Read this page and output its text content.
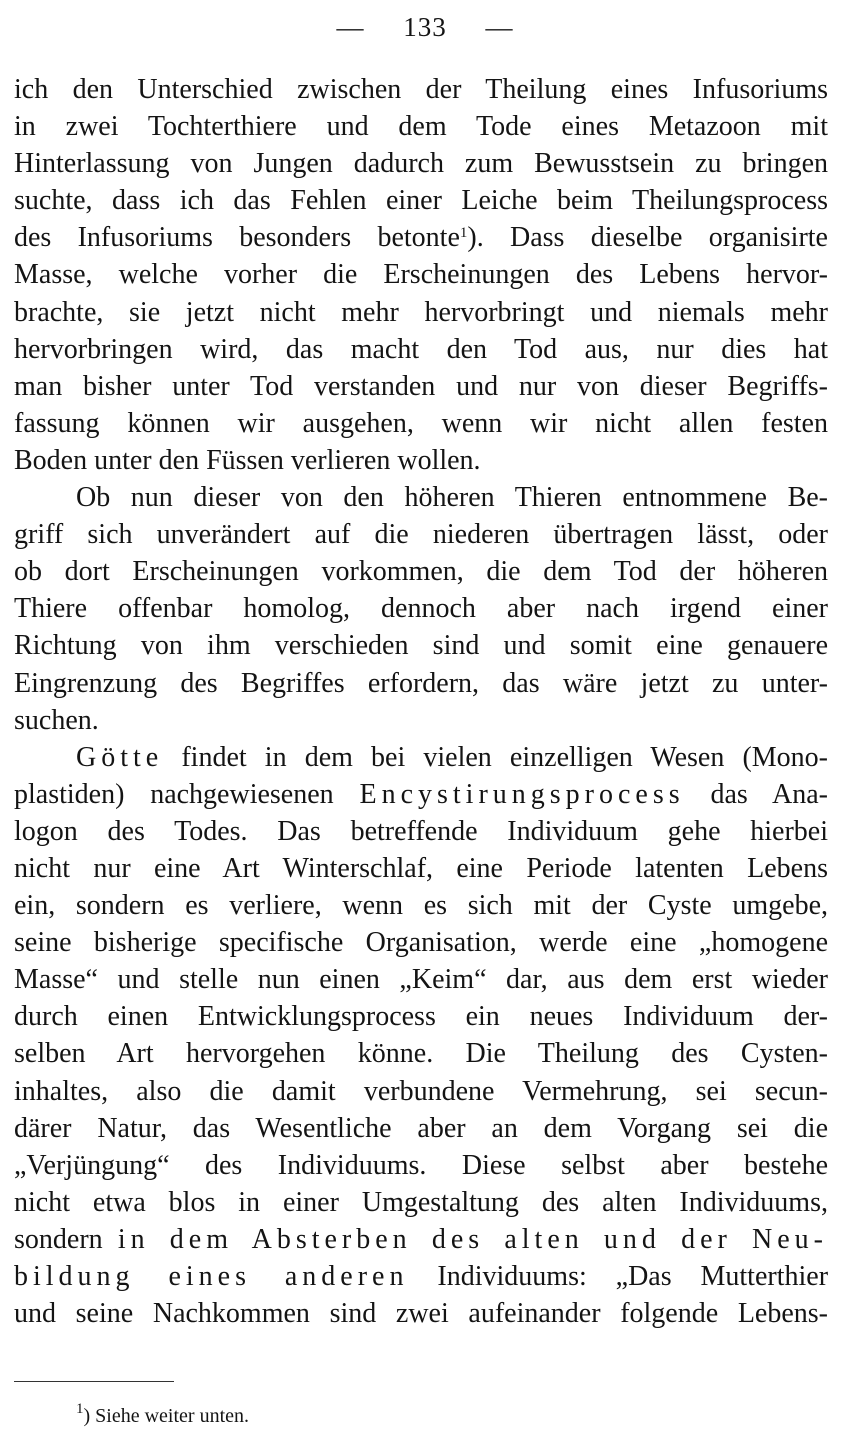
— 133 —
ich den Unterschied zwischen der Theilung eines Infusoriums
in zwei Tochterthiere und dem Tode eines Metazoon mit
Hinterlassung von Jungen dadurch zum Bewusstsein zu bringen
suchte, dass ich das Fehlen einer Leiche beim Theilungsprocess
des Infusoriums besonders betonte$^1$). Dass dieselbe organisirte
Masse, welche vorher die Erscheinungen des Lebens hervor-
brachte, sie jetzt nicht mehr hervorbringt und niemals mehr
hervorbringen wird, das macht den Tod aus, nur dies hat
man bisher unter Tod verstanden und nur von dieser Begriffs-
fassung können wir ausgehen, wenn wir nicht allen festen
Boden unter den Füssen verlieren wollen.
Ob nun dieser von den höheren Thieren entnommene Be-
griff sich unverändert auf die niederen übertragen lässt, oder
ob dort Erscheinungen vorkommen, die dem Tod der höheren
Thiere offenbar homolog, dennoch aber nach irgend einer
Richtung von ihm verschieden sind und somit eine genauere
Eingrenzung des Begriffes erfordern, das wäre jetzt zu unter-
suchen.
Götte findet in dem bei vielen einzelligen Wesen (Mono-
plastiden) nachgewiesenen Encystirungsprocess das Ana-
logon des Todes. Das betreffende Individuum gehe hierbei
nicht nur eine Art Winterschlaf, eine Periode latenten Lebens
ein, sondern es verliere, wenn es sich mit der Cyste umgebe,
seine bisherige specifische Organisation, werde eine „homogene
Masse“ und stelle nun einen „Keim“ dar, aus dem erst wieder
durch einen Entwicklungsprocess ein neues Individuum der-
selben Art hervorgehen könne. Die Theilung des Cysten-
inhaltes, also die damit verbundene Vermehrung, sei secun-
därer Natur, das Wesentliche aber an dem Vorgang sei die
„Verjüngung“ des Individuums. Diese selbst aber bestehe
nicht etwa blos in einer Umgestaltung des alten Individuums,
sondern in dem Absterben des alten und der Neu-
bildung eines anderen Individuums: „Das Mutterthier
und seine Nachkommen sind zwei aufeinander folgende Lebens-
$^1$) Siehe weiter unten.
